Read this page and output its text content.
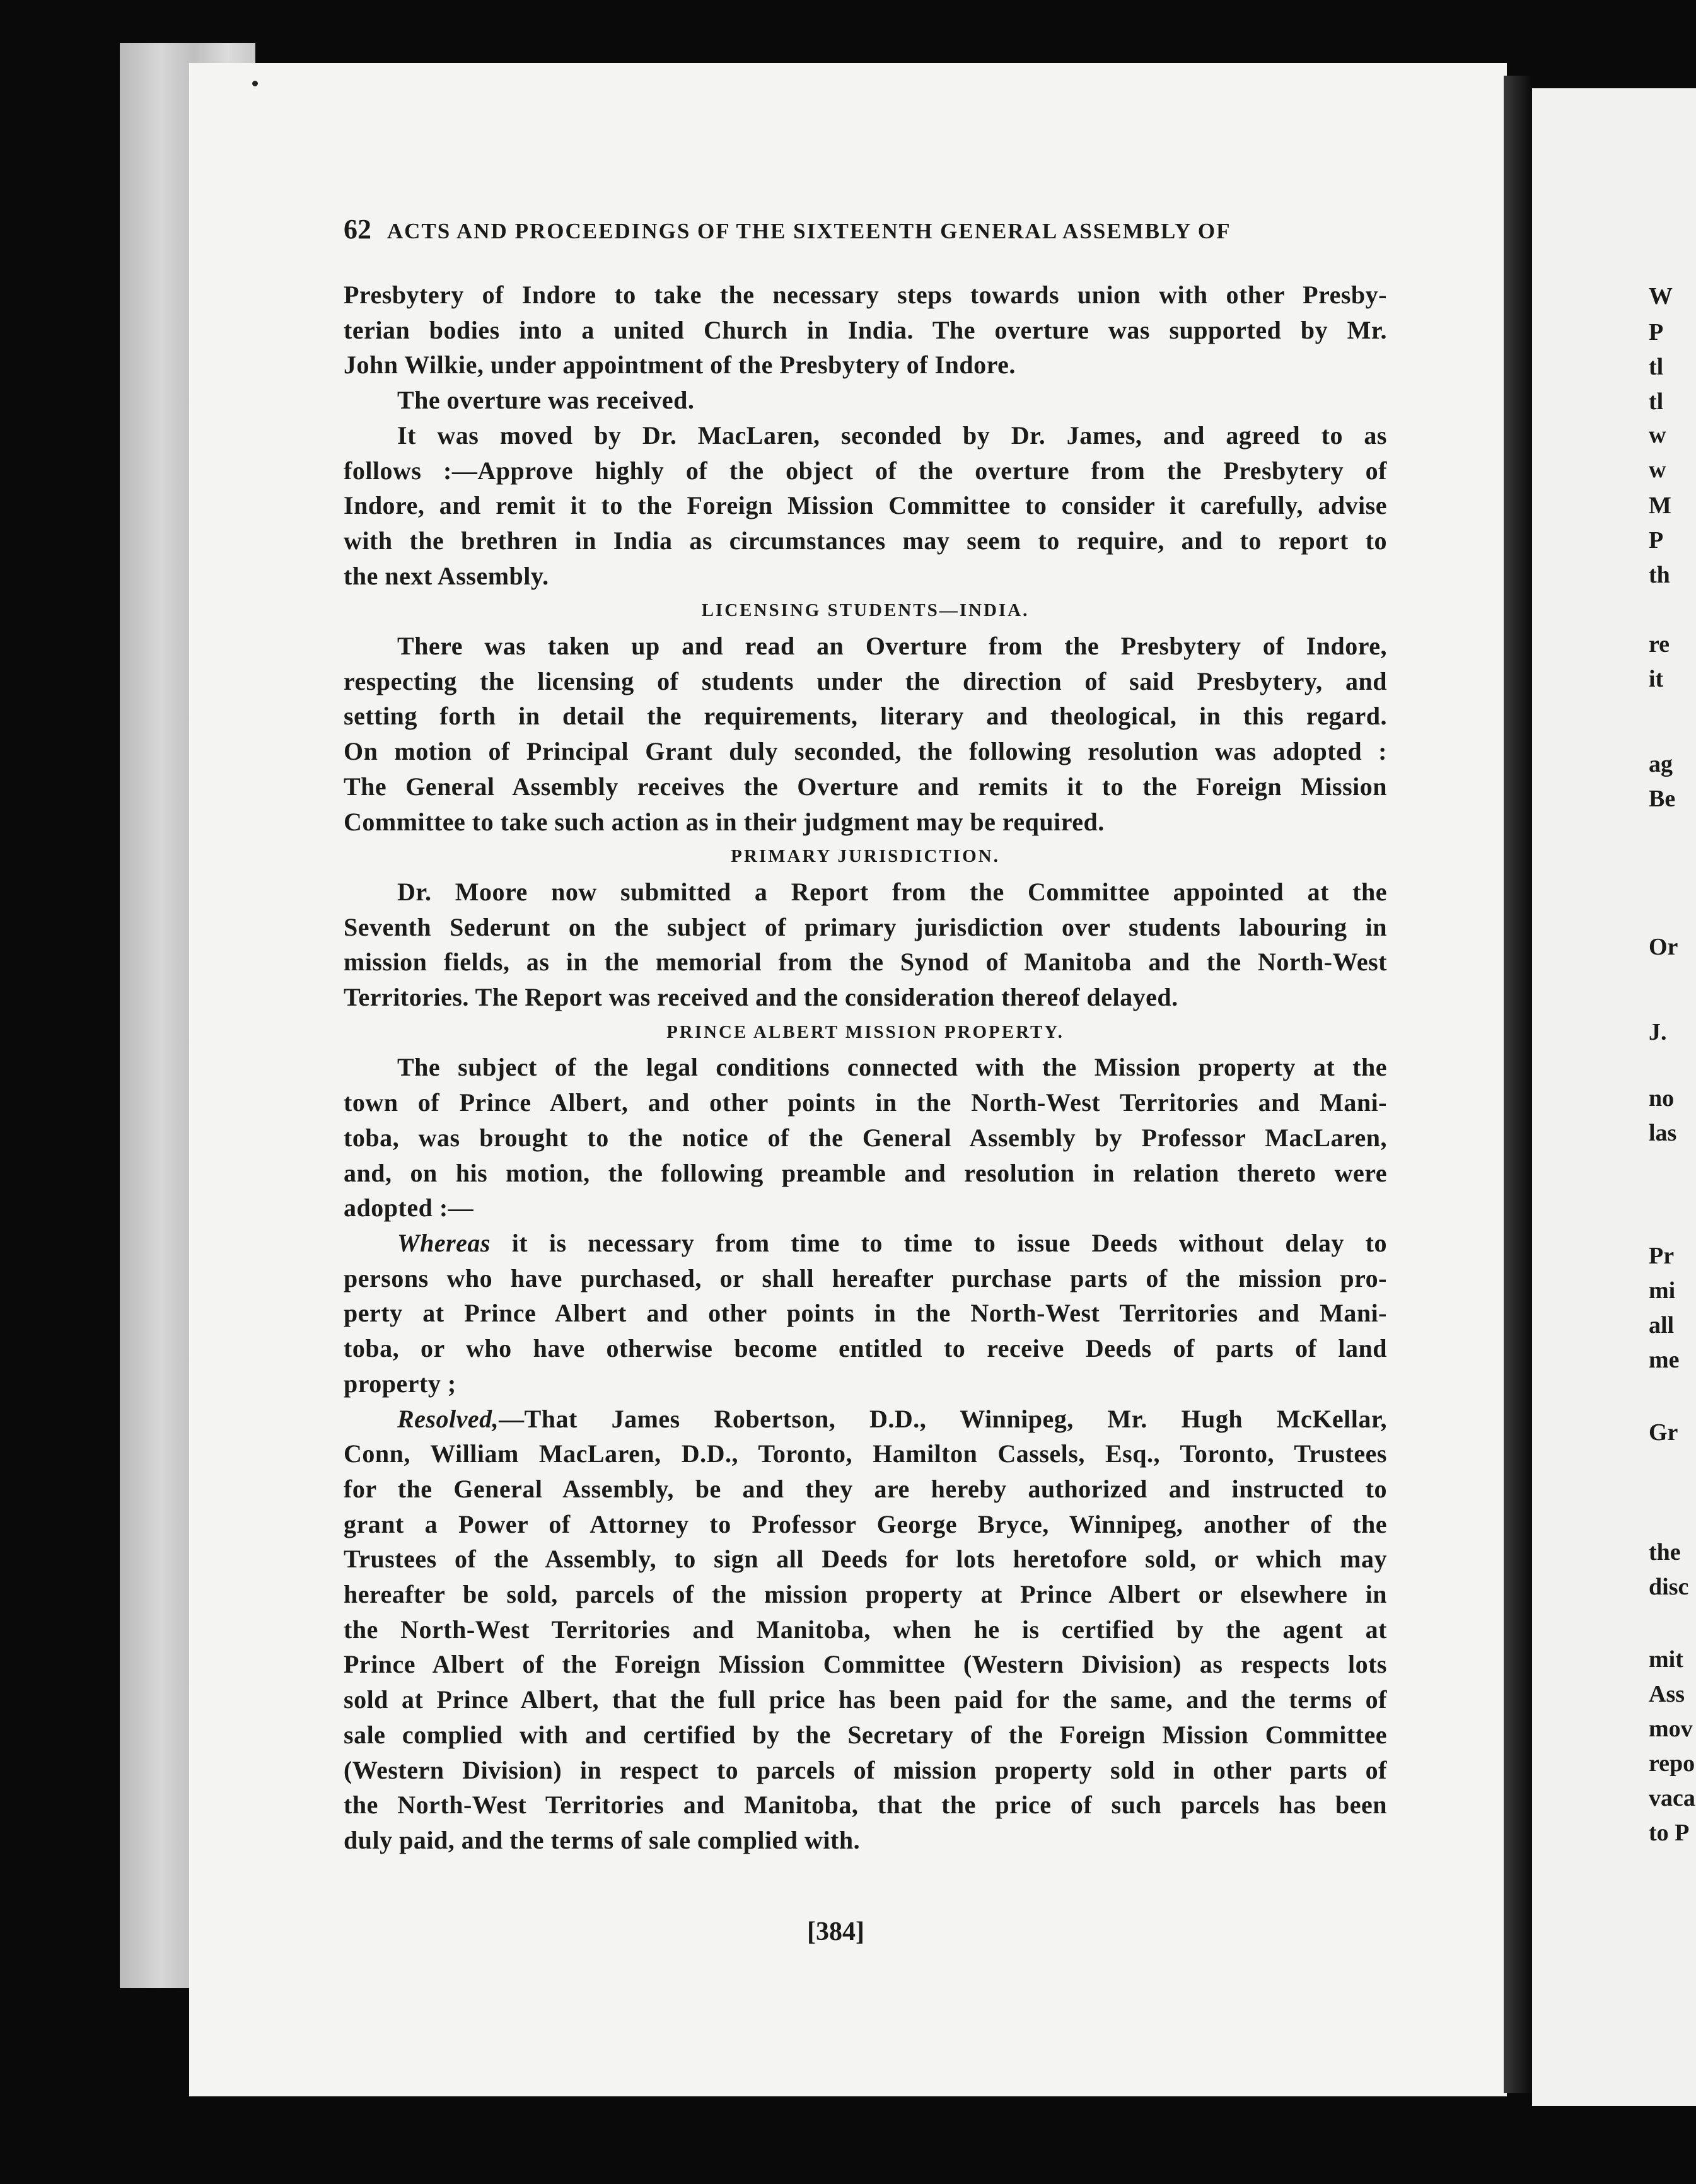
W
P
tl
tl
w
w
M
P
th
re
it
ag
Be
Or
J.
no
las
Pr
mi
all
me
Gr
the
disc
mit
Ass
mov
repo
vaca
to P
62 ACTS AND PROCEEDINGS OF THE SIXTEENTH GENERAL ASSEMBLY OF

Presbytery of Indore to take the necessary steps towards union with other Presby-

terian bodies into a united Church in India. The overture was supported by Mr.

John Wilkie, under appointment of the Presbytery of Indore.

The overture was received.

It was moved by Dr. MacLaren, seconded by Dr. James, and agreed to as

follows :—Approve highly of the object of the overture from the Presbytery of

Indore, and remit it to the Foreign Mission Committee to consider it carefully, advise

with the brethren in India as circumstances may seem to require, and to report to

the next Assembly.

LICENSING STUDENTS—INDIA.

There was taken up and read an Overture from the Presbytery of Indore,

respecting the licensing of students under the direction of said Presbytery, and

setting forth in detail the requirements, literary and theological, in this regard.

On motion of Principal Grant duly seconded, the following resolution was adopted :

The General Assembly receives the Overture and remits it to the Foreign Mission

Committee to take such action as in their judgment may be required.

PRIMARY JURISDICTION.

Dr. Moore now submitted a Report from the Committee appointed at the

Seventh Sederunt on the subject of primary jurisdiction over students labouring in

mission fields, as in the memorial from the Synod of Manitoba and the North-West

Territories. The Report was received and the consideration thereof delayed.

PRINCE ALBERT MISSION PROPERTY.

The subject of the legal conditions connected with the Mission property at the

town of Prince Albert, and other points in the North-West Territories and Mani-

toba, was brought to the notice of the General Assembly by Professor MacLaren,

and, on his motion, the following preamble and resolution in relation thereto were

adopted :—

Whereas it is necessary from time to time to issue Deeds without delay to

persons who have purchased, or shall hereafter purchase parts of the mission pro-

perty at Prince Albert and other points in the North-West Territories and Mani-

toba, or who have otherwise become entitled to receive Deeds of parts of land

property ;

Resolved,—That James Robertson, D.D., Winnipeg, Mr. Hugh McKellar,

Conn, William MacLaren, D.D., Toronto, Hamilton Cassels, Esq., Toronto, Trustees

for the General Assembly, be and they are hereby authorized and instructed to

grant a Power of Attorney to Professor George Bryce, Winnipeg, another of the

Trustees of the Assembly, to sign all Deeds for lots heretofore sold, or which may

hereafter be sold, parcels of the mission property at Prince Albert or elsewhere in

the North-West Territories and Manitoba, when he is certified by the agent at

Prince Albert of the Foreign Mission Committee (Western Division) as respects lots

sold at Prince Albert, that the full price has been paid for the same, and the terms of

sale complied with and certified by the Secretary of the Foreign Mission Committee

(Western Division) in respect to parcels of mission property sold in other parts of

the North-West Territories and Manitoba, that the price of such parcels has been

duly paid, and the terms of sale complied with.

[384]
